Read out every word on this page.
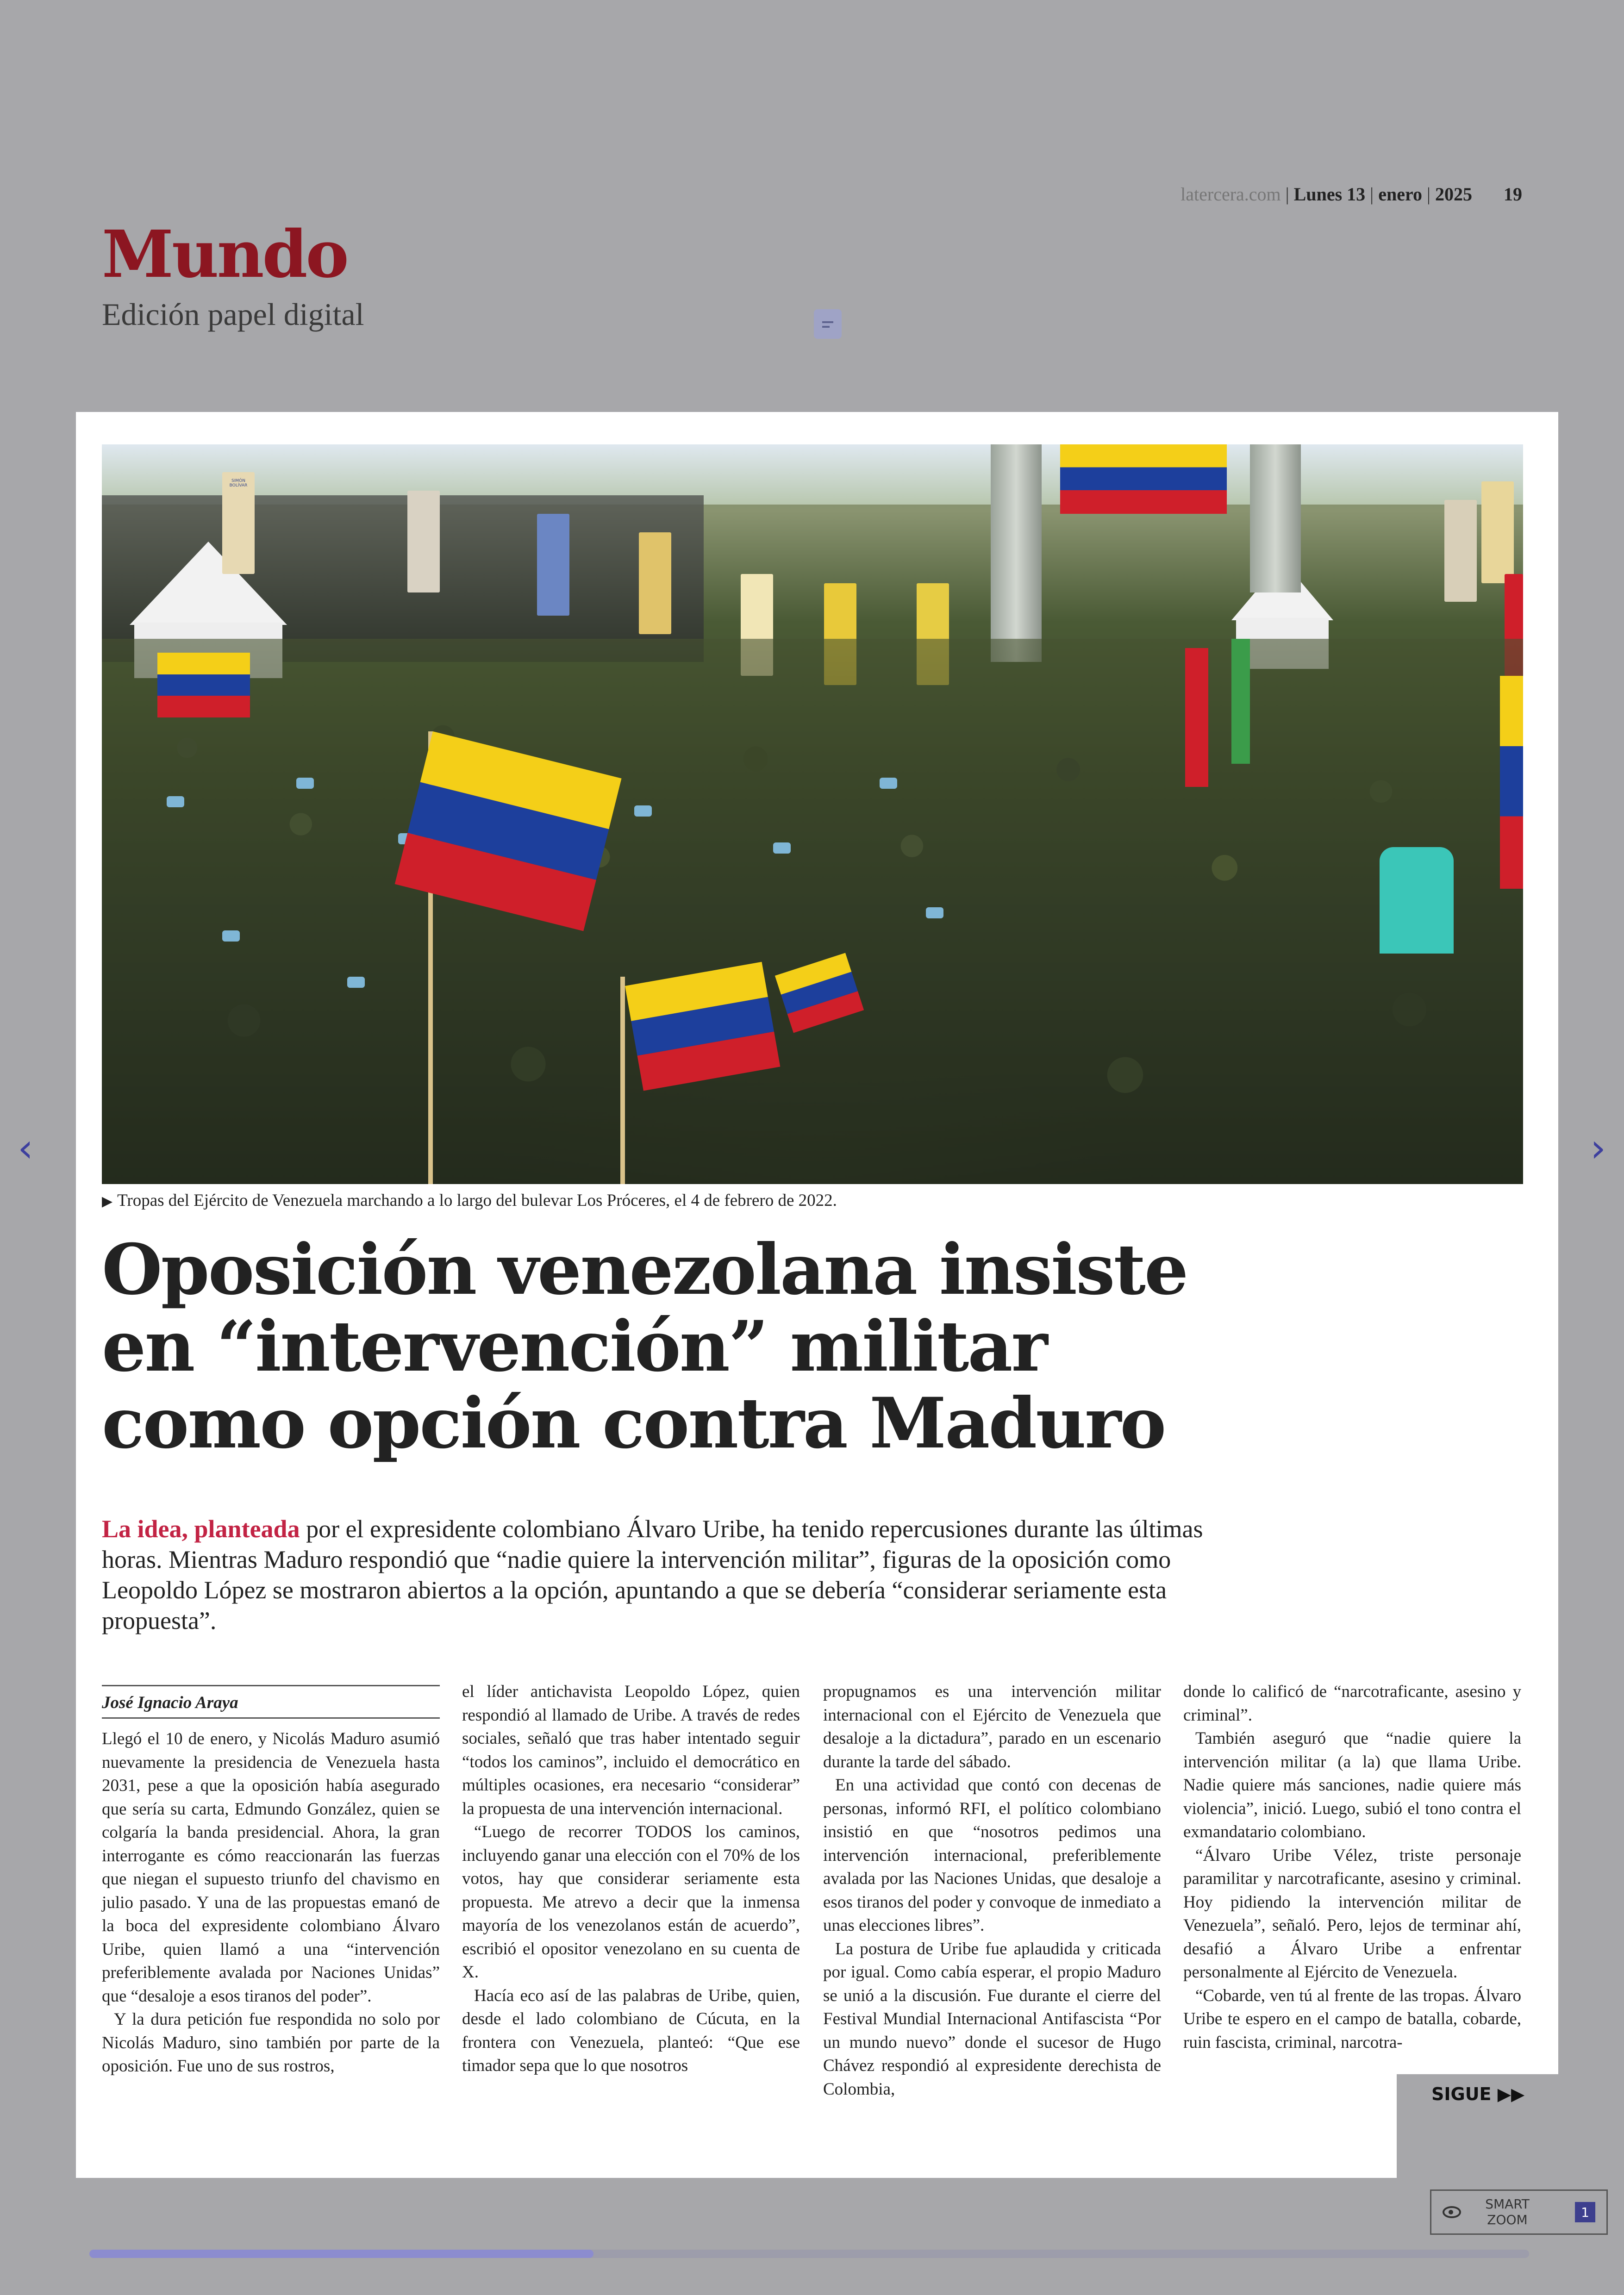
latercera.com | Lunes 13 | enero | 2025 19
Mundo
Edición papel digital
SIMÓN BOLÍVAR
▶ Tropas del Ejército de Venezuela marchando a lo largo del bulevar Los Próceres, el 4 de febrero de 2022.
Oposición venezolana insiste en “intervención” militar como opción contra Maduro
La idea, planteada por el expresidente colombiano Álvaro Uribe, ha tenido repercusiones durante las últimas horas. Mientras Maduro respondió que “nadie quiere la intervención militar”, figuras de la oposición como Leopoldo López se mostraron abiertos a la opción, apuntando a que se debería “considerar seriamente esta propuesta”.
José Ignacio Araya

Llegó el 10 de enero, y Nicolás Maduro asumió nuevamente la presidencia de Venezuela hasta 2031, pese a que la oposición había asegurado que sería su carta, Edmundo González, quien se colgaría la banda presidencial. Ahora, la gran interrogante es cómo reaccionarán las fuerzas que niegan el supuesto triunfo del chavismo en julio pasado. Y una de las propuestas emanó de la boca del expresidente colombiano Álvaro Uribe, quien llamó a una “intervención preferiblemente avalada por Naciones Unidas” que “desaloje a esos tiranos del poder”.

Y la dura petición fue respondida no solo por Nicolás Maduro, sino también por parte de la oposición. Fue uno de sus rostros,

el líder antichavista Leopoldo López, quien respondió al llamado de Uribe. A través de redes sociales, señaló que tras haber intentado seguir “todos los caminos”, incluido el democrático en múltiples ocasiones, era necesario “considerar” la propuesta de una intervención internacional.

“Luego de recorrer TODOS los caminos, incluyendo ganar una elección con el 70% de los votos, hay que considerar seriamente esta propuesta. Me atrevo a decir que la inmensa mayoría de los venezolanos están de acuerdo”, escribió el opositor venezolano en su cuenta de X.

Hacía eco así de las palabras de Uribe, quien, desde el lado colombiano de Cúcuta, en la frontera con Venezuela, planteó: “Que ese timador sepa que lo que nosotros

propugnamos es una intervención militar internacional con el Ejército de Venezuela que desaloje a la dictadura”, parado en un escenario durante la tarde del sábado.

En una actividad que contó con decenas de personas, informó RFI, el político colombiano insistió en que “nosotros pedimos una intervención internacional, preferiblemente avalada por las Naciones Unidas, que desaloje a esos tiranos del poder y convoque de inmediato a unas elecciones libres”.

La postura de Uribe fue aplaudida y criticada por igual. Como cabía esperar, el propio Maduro se unió a la discusión. Fue durante el cierre del Festival Mundial Internacional Antifascista “Por un mundo nuevo” donde el sucesor de Hugo Chávez respondió al expresidente derechista de Colombia,

donde lo calificó de “narcotraficante, asesino y criminal”.

También aseguró que “nadie quiere la intervención militar (a la) que llama Uribe. Nadie quiere más sanciones, nadie quiere más violencia”, inició. Luego, subió el tono contra el exmandatario colombiano.

“Álvaro Uribe Vélez, triste personaje paramilitar y narcotraficante, asesino y criminal. Hoy pidiendo la intervención militar de Venezuela”, señaló. Pero, lejos de terminar ahí, desafió a Álvaro Uribe a enfrentar personalmente al Ejército de Venezuela.

“Cobarde, ven tú al frente de las tropas. Álvaro Uribe te espero en el campo de batalla, cobarde, ruin fascista, criminal, narcotra-

SIGUE ▶▶
‹	›
SMART ZOOM	1
